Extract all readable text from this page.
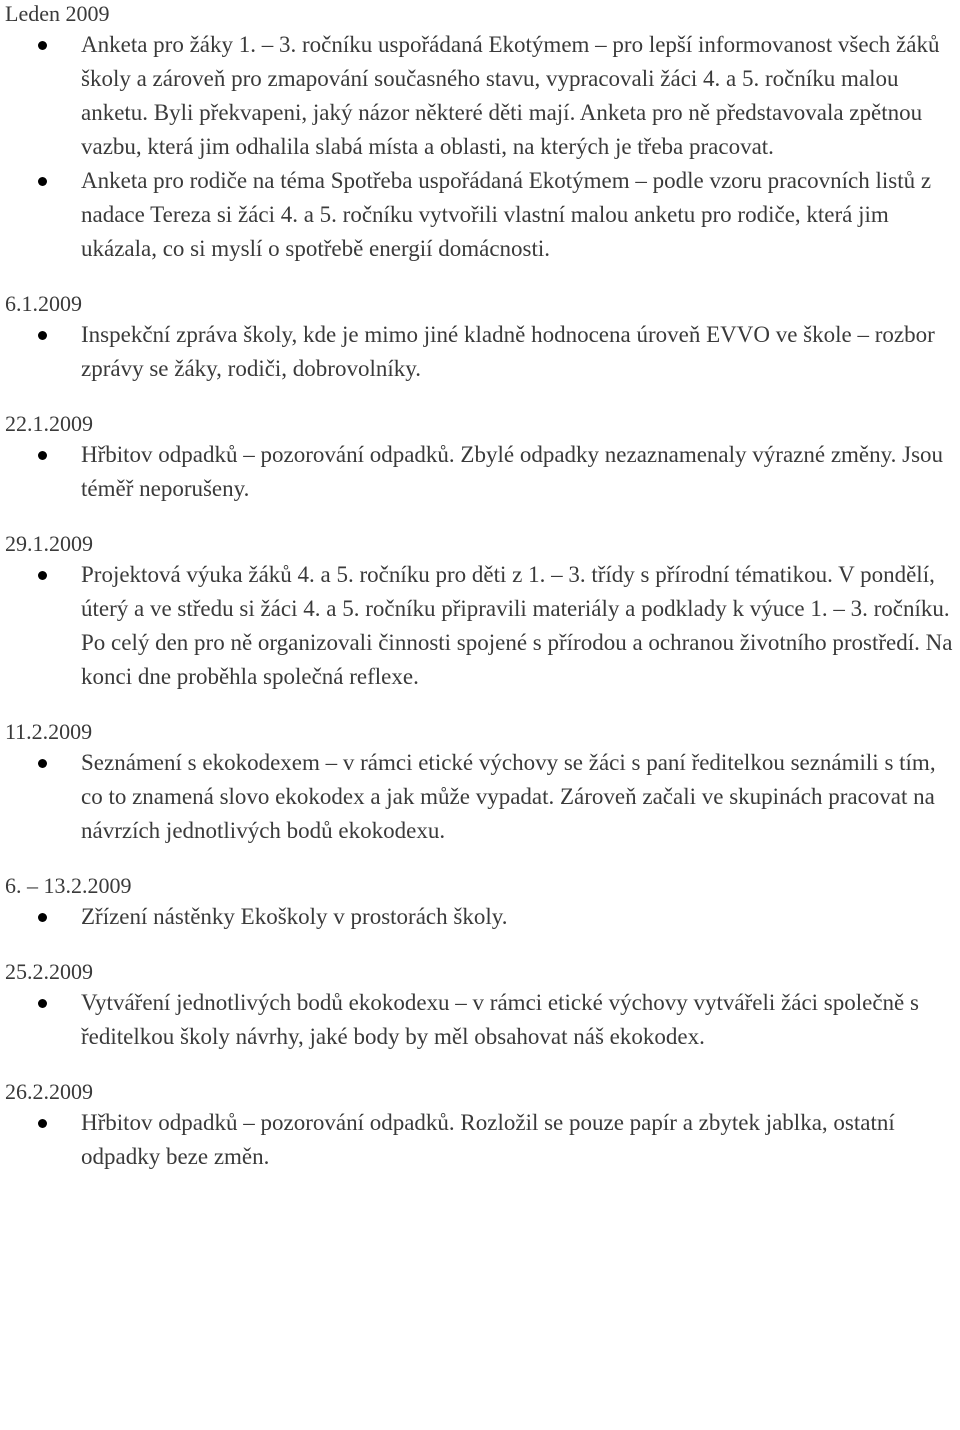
Leden 2009

Anketa pro žáky 1. – 3. ročníku uspořádaná Ekotýmem – pro lepší informovanost všech žáků školy a zároveň pro zmapování současného stavu, vypracovali žáci 4. a 5. ročníku malou anketu. Byli překvapeni, jaký názor některé děti mají. Anketa pro ně představovala zpětnou vazbu, která jim odhalila slabá místa a oblasti, na kterých je třeba pracovat.
Anketa pro rodiče na téma Spotřeba uspořádaná Ekotýmem – podle vzoru pracovních listů z nadace Tereza si žáci 4. a 5. ročníku vytvořili vlastní malou anketu pro rodiče, která jim ukázala, co si myslí o spotřebě energií domácnosti.

6.1.2009

Inspekční zpráva školy, kde je mimo jiné kladně hodnocena úroveň EVVO ve škole – rozbor zprávy se žáky, rodiči, dobrovolníky.

22.1.2009

Hřbitov odpadků – pozorování odpadků. Zbylé odpadky nezaznamenaly výrazné změny. Jsou téměř neporušeny.

29.1.2009

Projektová výuka žáků 4. a 5. ročníku pro děti z 1. – 3. třídy s přírodní tématikou. V pondělí, úterý a ve středu si žáci 4. a 5. ročníku připravili materiály a podklady k výuce 1. – 3. ročníku. Po celý den pro ně organizovali činnosti spojené s přírodou a ochranou životního prostředí. Na konci dne proběhla společná reflexe.

11.2.2009

Seznámení s ekokodexem – v rámci etické výchovy se žáci s paní ředitelkou seznámili s tím, co to znamená slovo ekokodex a jak může vypadat. Zároveň začali ve skupinách pracovat na návrzích jednotlivých bodů ekokodexu.

6. – 13.2.2009

Zřízení nástěnky Ekoškoly v prostorách školy.

25.2.2009

Vytváření jednotlivých bodů ekokodexu – v rámci etické výchovy vytvářeli žáci společně s ředitelkou školy návrhy, jaké body by měl obsahovat náš ekokodex.

26.2.2009

Hřbitov odpadků – pozorování odpadků. Rozložil se pouze papír a zbytek jablka, ostatní odpadky beze změn.
